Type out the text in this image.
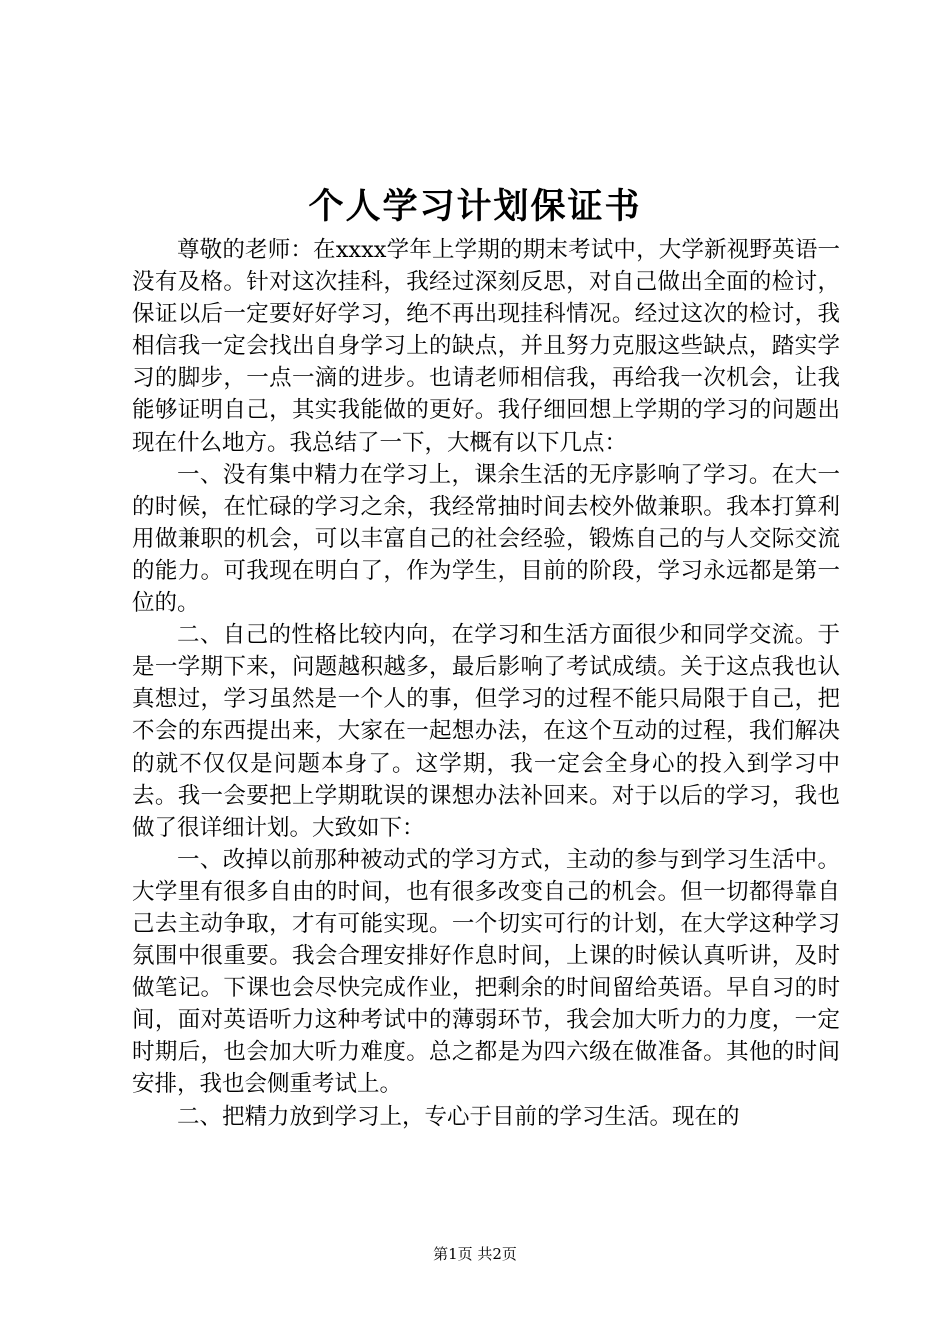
个人学习计划保证书

尊敬的老师：在xxxx学年上学期的期末考试中，大学新视野英语一没有及格。针对这次挂科，我经过深刻反思，对自己做出全面的检讨，保证以后一定要好好学习，绝不再出现挂科情况。经过这次的检讨，我相信我一定会找出自身学习上的缺点，并且努力克服这些缺点，踏实学习的脚步，一点一滴的进步。也请老师相信我，再给我一次机会，让我能够证明自己，其实我能做的更好。我仔细回想上学期的学习的问题出现在什么地方。我总结了一下，大概有以下几点：

一、没有集中精力在学习上，课余生活的无序影响了学习。在大一的时候，在忙碌的学习之余，我经常抽时间去校外做兼职。我本打算利用做兼职的机会，可以丰富自己的社会经验，锻炼自己的与人交际交流的能力。可我现在明白了，作为学生，目前的阶段，学习永远都是第一位的。

二、自己的性格比较内向，在学习和生活方面很少和同学交流。于是一学期下来，问题越积越多，最后影响了考试成绩。关于这点我也认真想过，学习虽然是一个人的事，但学习的过程不能只局限于自己，把不会的东西提出来，大家在一起想办法，在这个互动的过程，我们解决的就不仅仅是问题本身了。这学期，我一定会全身心的投入到学习中去。我一会要把上学期耽误的课想办法补回来。对于以后的学习，我也做了很详细计划。大致如下：

一、改掉以前那种被动式的学习方式，主动的参与到学习生活中。大学里有很多自由的时间，也有很多改变自己的机会。但一切都得靠自己去主动争取，才有可能实现。一个切实可行的计划，在大学这种学习氛围中很重要。我会合理安排好作息时间，上课的时候认真听讲，及时做笔记。下课也会尽快完成作业，把剩余的时间留给英语。早自习的时间，面对英语听力这种考试中的薄弱环节，我会加大听力的力度，一定时期后，也会加大听力难度。总之都是为四六级在做准备。其他的时间安排，我也会侧重考试上。

二、把精力放到学习上，专心于目前的学习生活。现在的

第1页 共2页
